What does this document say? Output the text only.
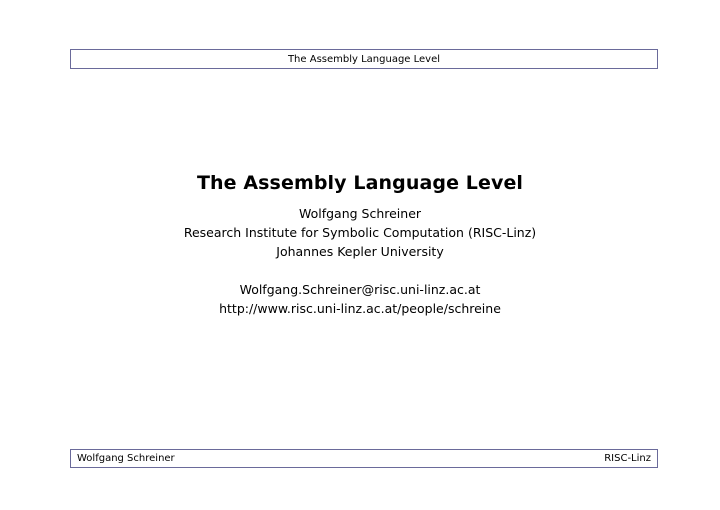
The Assembly Language Level
The Assembly Language Level
Wolfgang Schreiner
Research Institute for Symbolic Computation (RISC-Linz)
Johannes Kepler University
Wolfgang.Schreiner@risc.uni-linz.ac.at
http://www.risc.uni-linz.ac.at/people/schreine
Wolfgang Schreiner	RISC-Linz
